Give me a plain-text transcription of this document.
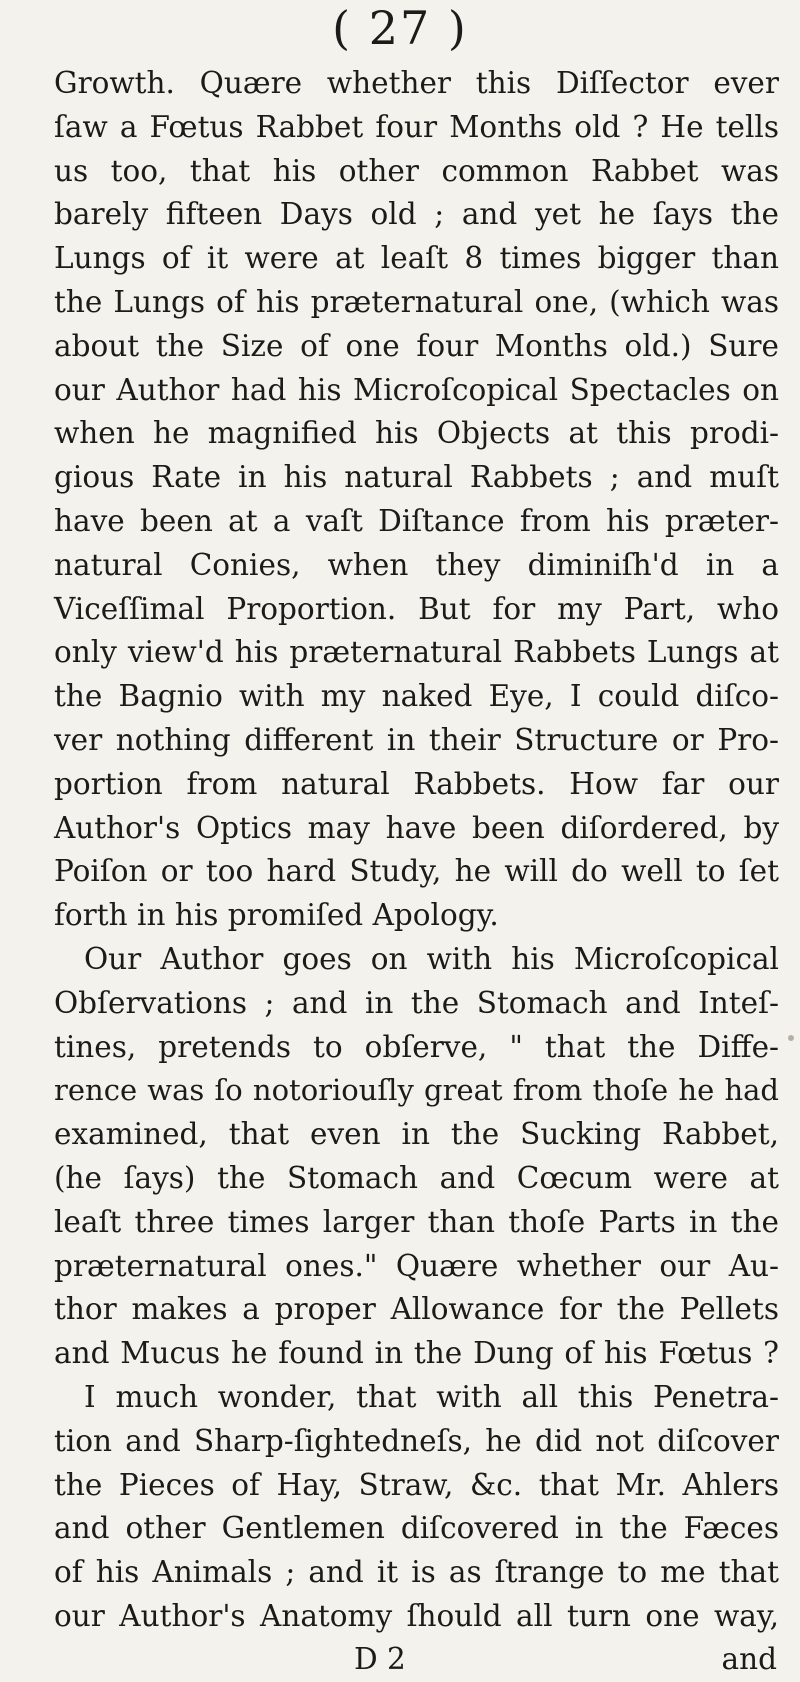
( 27 )
Growth. Quære whether this Diſſector ever
ſaw a Fœtus Rabbet four Months old ? He tells
us too, that his other common Rabbet was
barely fifteen Days old ; and yet he ſays the
Lungs of it were at leaſt 8 times bigger than
the Lungs of his præternatural one, (which was
about the Size of one four Months old.) Sure
our Author had his Microſcopical Spectacles on
when he magnified his Objects at this prodi-
gious Rate in his natural Rabbets ; and muſt
have been at a vaſt Diſtance from his præter-
natural Conies, when they diminiſh'd in a
Viceſſimal Proportion. But for my Part, who
only view'd his præternatural Rabbets Lungs at
the Bagnio with my naked Eye, I could diſco-
ver nothing different in their Structure or Pro-
portion from natural Rabbets. How far our
Author's Optics may have been diſordered, by
Poiſon or too hard Study, he will do well to ſet
forth in his promiſed Apology.
Our Author goes on with his Microſcopical
Obſervations ; and in the Stomach and Inteſ-
tines, pretends to obſerve, " that the Diffe-
rence was ſo notoriouſly great from thoſe he had
examined, that even in the Sucking Rabbet,
(he ſays) the Stomach and Cœcum were at
leaſt three times larger than thoſe Parts in the
præternatural ones." Quære whether our Au-
thor makes a proper Allowance for the Pellets
and Mucus he found in the Dung of his Fœtus ?
I much wonder, that with all this Penetra-
tion and Sharp-ſightedneſs, he did not diſcover
the Pieces of Hay, Straw, &c. that Mr. Ahlers
and other Gentlemen diſcovered in the Fæces
of his Animals ; and it is as ſtrange to me that
our Author's Anatomy ſhould all turn one way,
D 2	and
